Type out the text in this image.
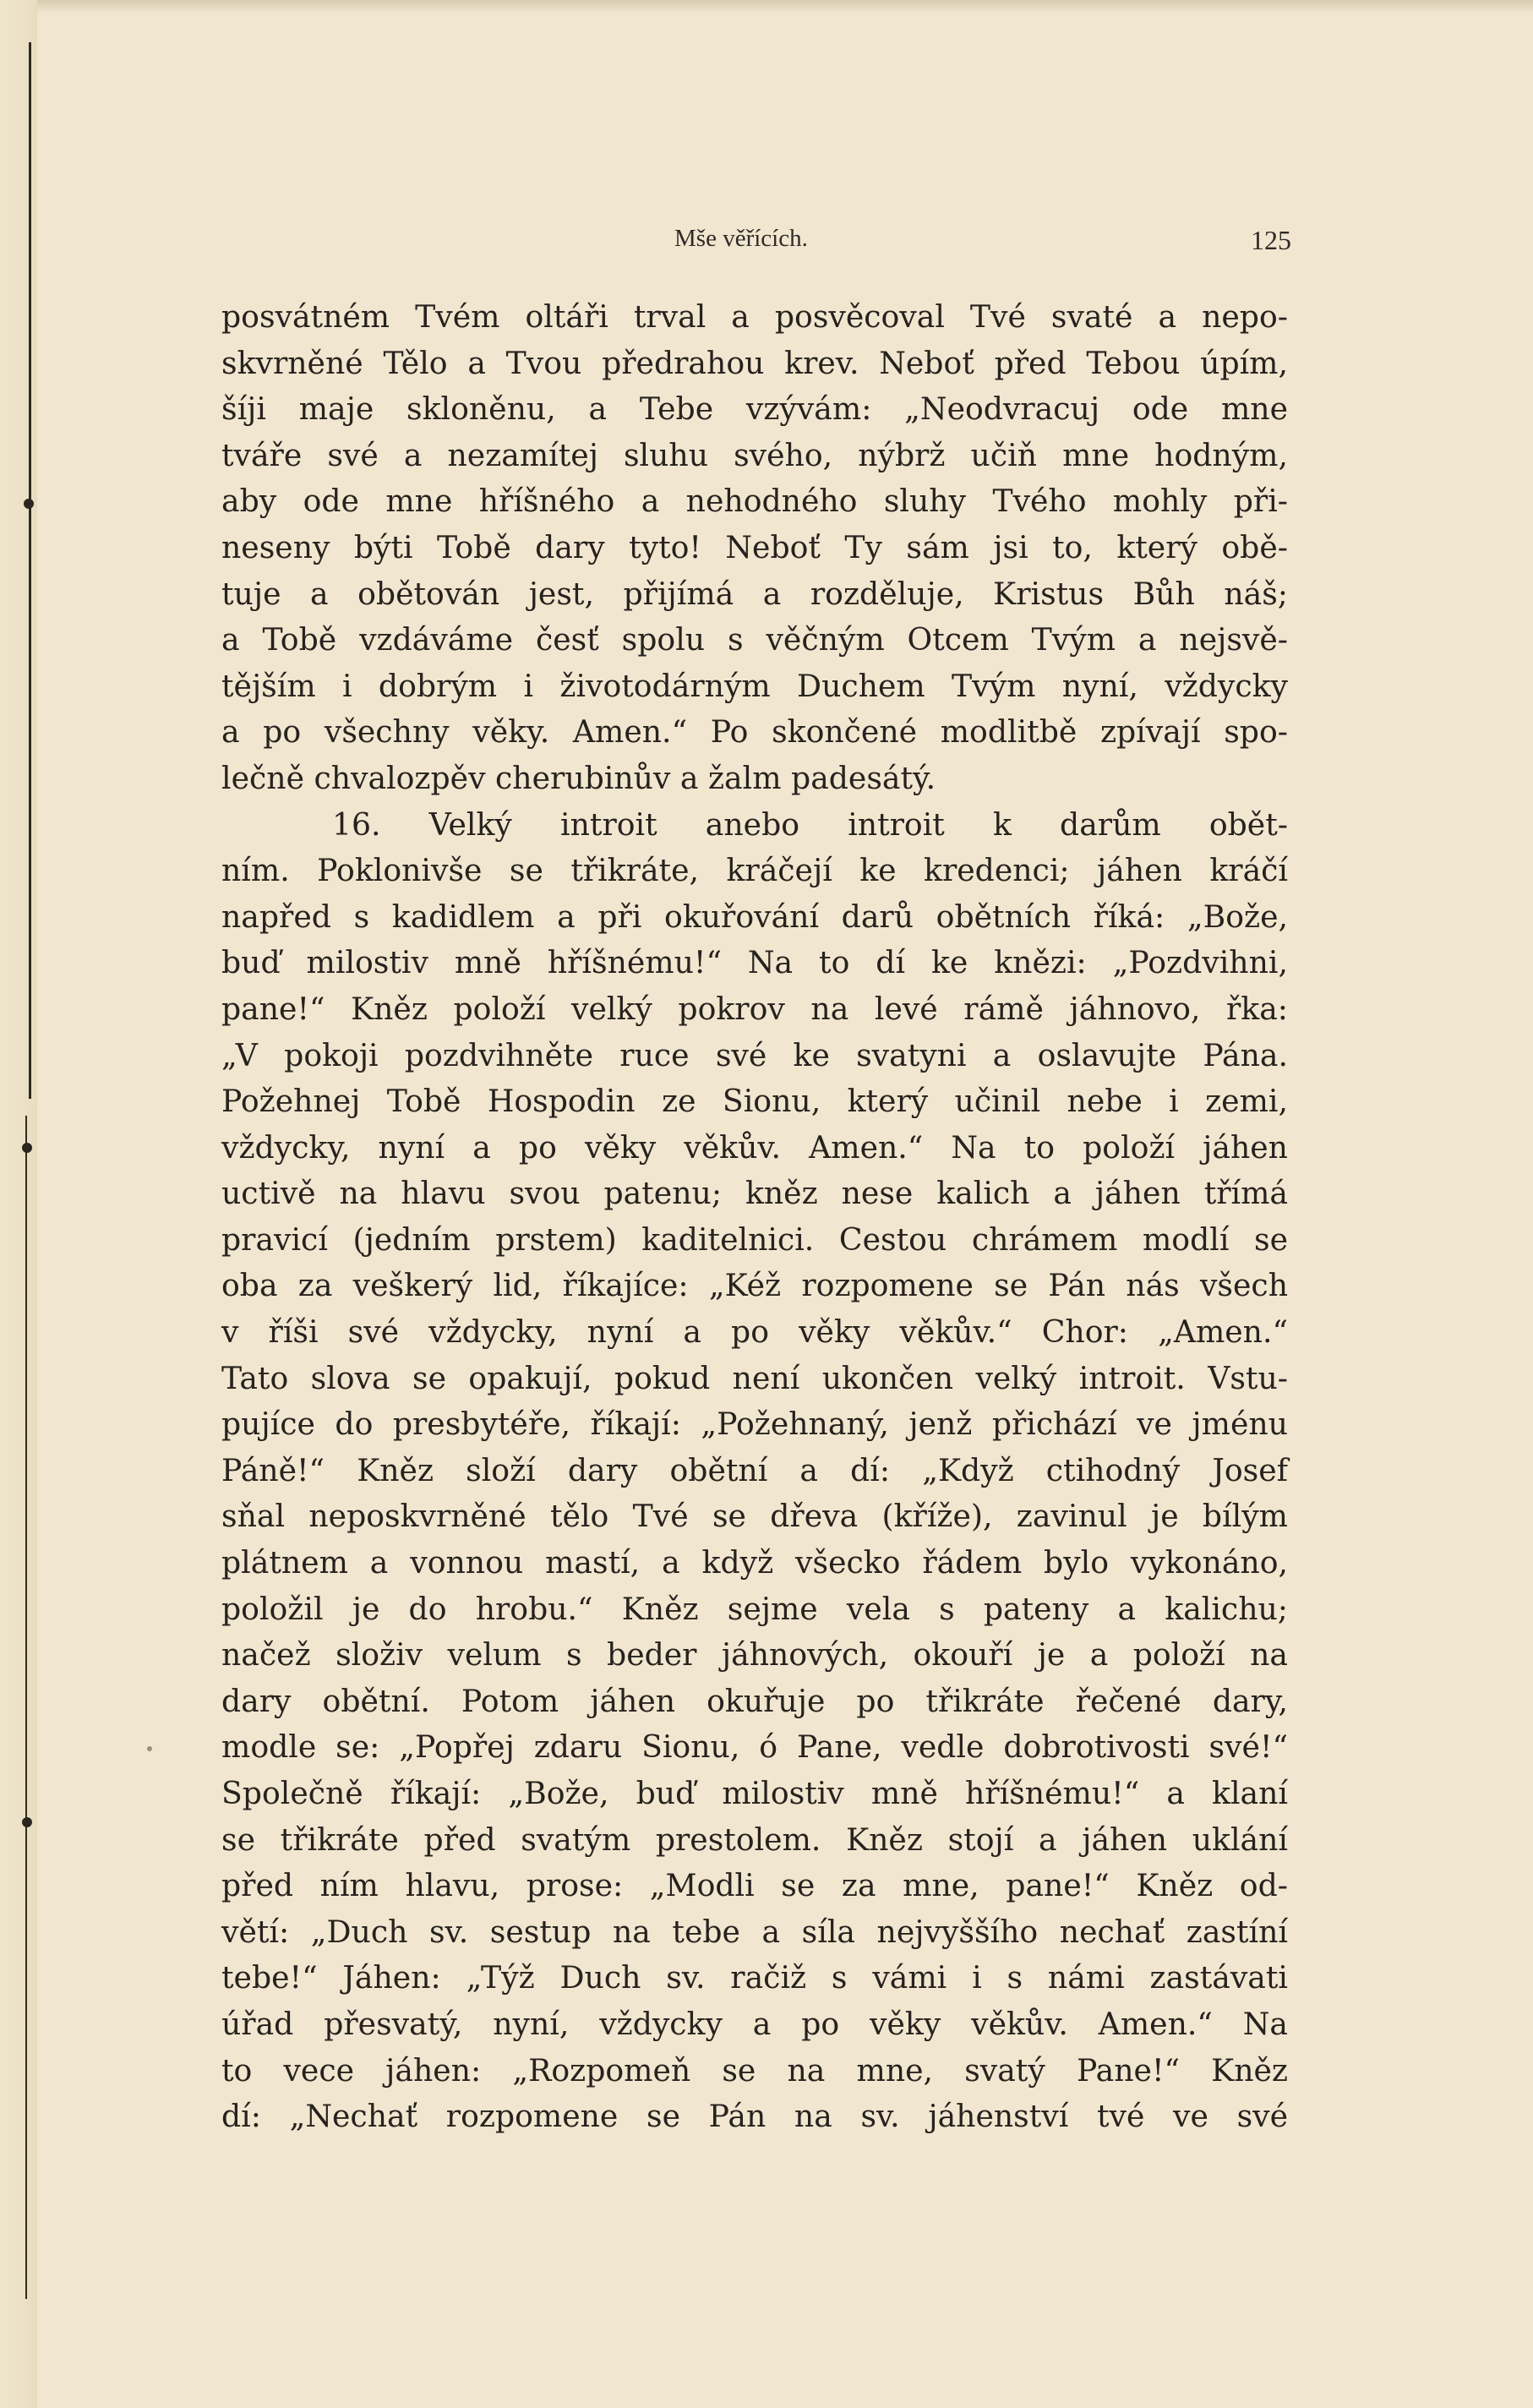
Mše věřících.	125
posvátném Tvém oltáři trval a posvěcoval Tvé svaté a nepo-
skvrněné Tělo a Tvou předrahou krev. Neboť před Tebou úpím,
šíji maje skloněnu, a Tebe vzývám: „Neodvracuj ode mne
tváře své a nezamítej sluhu svého, nýbrž učiň mne hodným,
aby ode mne hříšného a nehodného sluhy Tvého mohly při-
neseny býti Tobě dary tyto! Neboť Ty sám jsi to, který obě-
tuje a obětován jest, přijímá a rozděluje, Kristus Bůh náš;
a Tobě vzdáváme česť spolu s věčným Otcem Tvým a nejsvě-
tějším i dobrým i životodárným Duchem Tvým nyní, vždycky
a po všechny věky. Amen.“ Po skončené modlitbě zpívají spo-
lečně chvalozpěv cherubinův a žalm padesátý.
16. Velký introit anebo introit k darům obět-
ním. Poklonivše se třikráte, kráčejí ke kredenci; jáhen kráčí
napřed s kadidlem a při okuřování darů obětních říká: „Bože,
buď milostiv mně hříšnému!“ Na to dí ke knězi: „Pozdvihni,
pane!“ Kněz položí velký pokrov na levé rámě jáhnovo, řka:
„V pokoji pozdvihněte ruce své ke svatyni a oslavujte Pána.
Požehnej Tobě Hospodin ze Sionu, který učinil nebe i zemi,
vždycky, nyní a po věky věkův. Amen.“ Na to položí jáhen
uctivě na hlavu svou patenu; kněz nese kalich a jáhen třímá
pravicí (jedním prstem) kaditelnici. Cestou chrámem modlí se
oba za veškerý lid, říkajíce: „Kéž rozpomene se Pán nás všech
v říši své vždycky, nyní a po věky věkův.“ Chor: „Amen.“
Tato slova se opakují, pokud není ukončen velký introit. Vstu-
pujíce do presbytéře, říkají: „Požehnaný, jenž přichází ve jménu
Páně!“ Kněz složí dary obětní a dí: „Když ctihodný Josef
sňal neposkvrněné tělo Tvé se dřeva (kříže), zavinul je bílým
plátnem a vonnou mastí, a když všecko řádem bylo vykonáno,
položil je do hrobu.“ Kněz sejme vela s pateny a kalichu;
načež složiv velum s beder jáhnových, okouří je a položí na
dary obětní. Potom jáhen okuřuje po třikráte řečené dary,
modle se: „Popřej zdaru Sionu, ó Pane, vedle dobrotivosti své!“
Společně říkají: „Bože, buď milostiv mně hříšnému!“ a klaní
se třikráte před svatým prestolem. Kněz stojí a jáhen uklání
před ním hlavu, prose: „Modli se za mne, pane!“ Kněz od-
větí: „Duch sv. sestup na tebe a síla nejvyššího nechať zastíní
tebe!“ Jáhen: „Týž Duch sv. račiž s vámi i s námi zastávati
úřad přesvatý, nyní, vždycky a po věky věkův. Amen.“ Na
to vece jáhen: „Rozpomeň se na mne, svatý Pane!“ Kněz
dí: „Nechať rozpomene se Pán na sv. jáhenství tvé ve své
